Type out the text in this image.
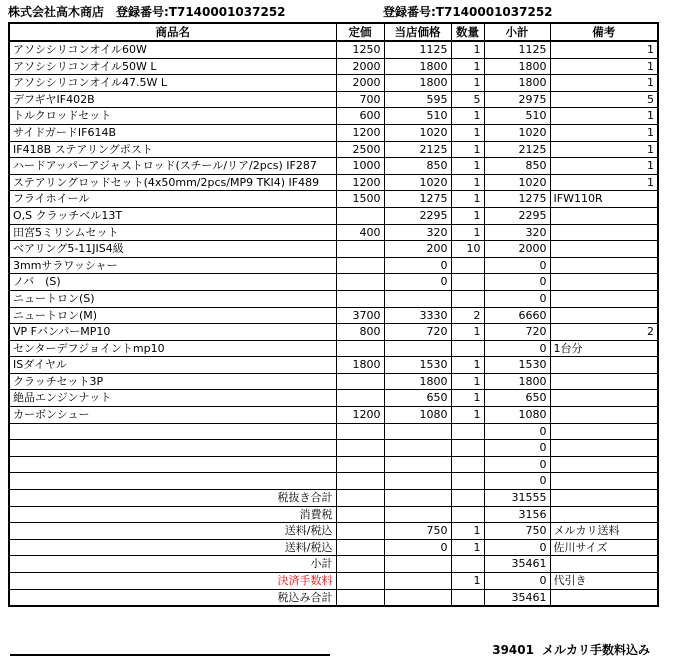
株式会社高木商店　登録番号:T7140001037252	登録番号:T7140001037252
商品名	定価	当店価格	数量	小計	備考
アソシシリコンオイル60W	1250	1125	1	1125	1
アソシシリコンオイル50W L	2000	1800	1	1800	1
アソシシリコンオイル47.5W L	2000	1800	1	1800	1
デフギヤIF402B	700	595	5	2975	5
トルクロッドセット	600	510	1	510	1
サイドガードIF614B	1200	1020	1	1020	1
IF418B ステアリングポスト	2500	2125	1	2125	1
ハードアッパーアジャストロッド(スチール/リア/2pcs) IF287	1000	850	1	850	1
ステアリングロッドセット(4x50mm/2pcs/MP9 TKI4) IF489	1200	1020	1	1020	1
フライホイール	1500	1275	1	1275	IFW110R
O,S クラッチベル13T		2295	1	2295	
田宮5ミリシムセット	400	320	1	320	
ベアリング5-11JIS4級		200	10	2000	
3mmサラワッシャー		0		0	
ノバ　(S)		0		0	
ニュートロン(S)				0	
ニュートロン(M)	3700	3330	2	6660	
VP FバンパーMP10	800	720	1	720	2
センターデフジョイントmp10				0	1台分
ISダイヤル	1800	1530	1	1530	
クラッチセット3P		1800	1	1800	
絶品エンジンナット		650	1	650	
カーボンシュー	1200	1080	1	1080	
				0	
				0	
				0	
				0	
税抜き合計				31555	
消費税				3156	
送料/税込		750	1	750	メルカリ送料
送料/税込		0	1	0	佐川サイズ
小計				35461	
決済手数料			1	0	代引き
税込み合計				35461	
39401 メルカリ手数料込み
